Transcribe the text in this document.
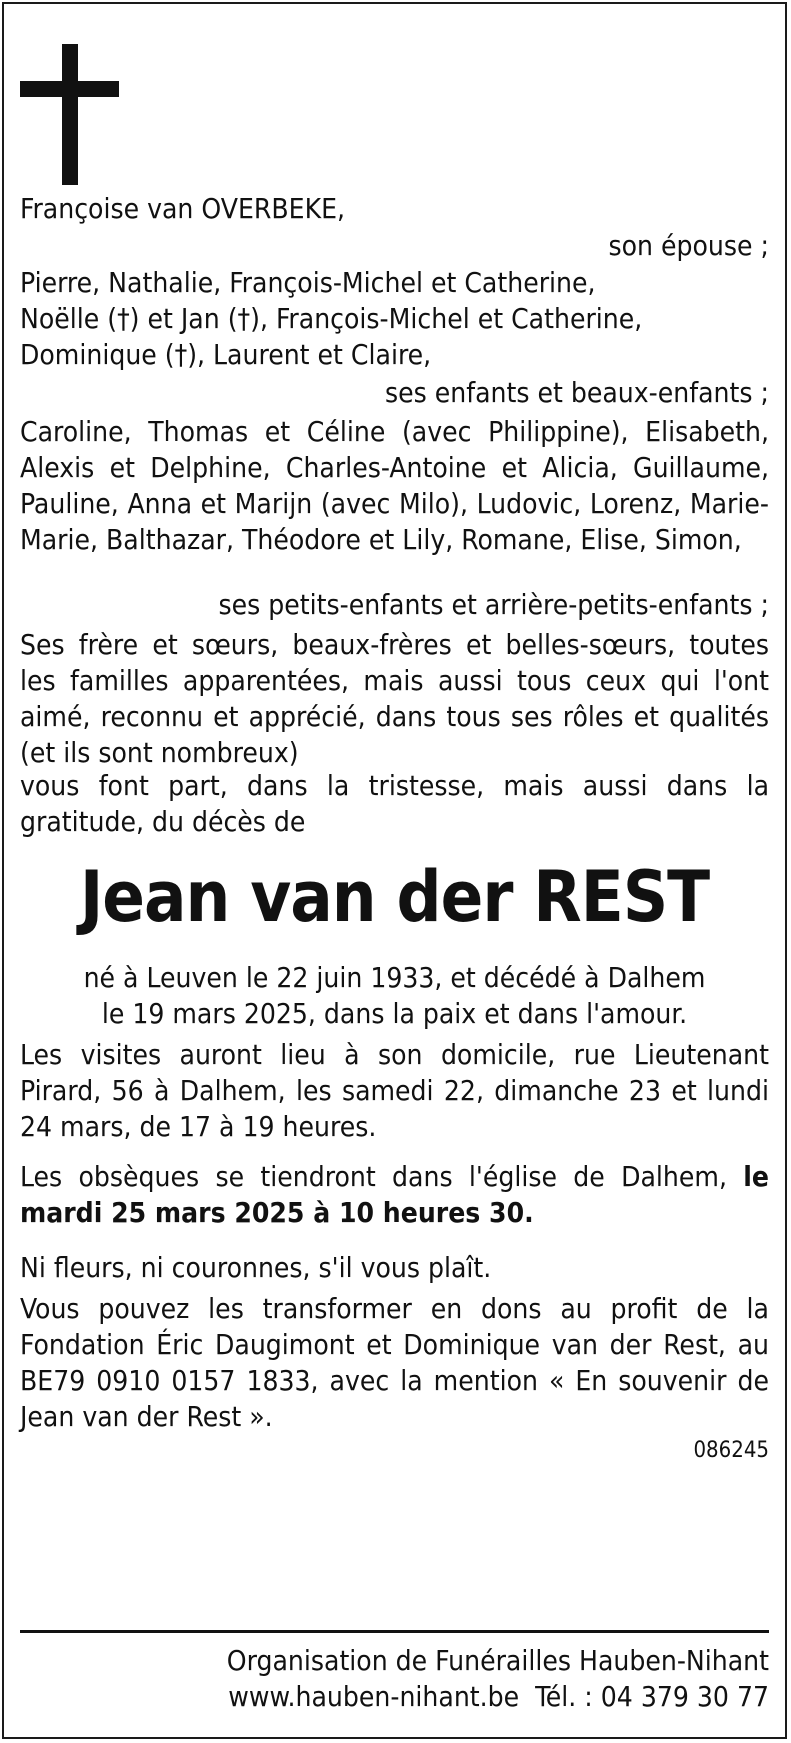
Françoise van OVERBEKE,

son épouse ;

Pierre, Nathalie, François-Michel et Catherine,

Noëlle (†) et Jan (†), François-Michel et Catherine,

Dominique (†), Laurent et Claire,

ses enfants et beaux-enfants ;

Caroline, Thomas et Céline (avec Philippine), Elisabeth, Alexis et Delphine, Charles-Antoine et Alicia, Guillaume, Pauline, Anna et Marijn (avec Milo), Ludovic, Lorenz, Marie-Marie, Balthazar, Théodore et Lily, Romane, Elise, Simon,

ses petits-enfants et arrière-petits-enfants ;

Ses frère et sœurs, beaux-frères et belles-sœurs, toutes les familles apparentées, mais aussi tous ceux qui l'ont aimé, reconnu et apprécié, dans tous ses rôles et qualités (et ils sont nombreux)

vous font part, dans la tristesse, mais aussi dans la gratitude, du décès de

Jean van der REST

né à Leuven le 22 juin 1933, et décédé à Dalhem

le 19 mars 2025, dans la paix et dans l'amour.

Les visites auront lieu à son domicile, rue Lieutenant Pirard, 56 à Dalhem, les samedi 22, dimanche 23 et lundi 24 mars, de 17 à 19 heures.

Les obsèques se tiendront dans l'église de Dalhem, le mardi 25 mars 2025 à 10 heures 30.

Ni fleurs, ni couronnes, s'il vous plaît.

Vous pouvez les transformer en dons au profit de la Fondation Éric Daugimont et Dominique van der Rest, au BE79 0910 0157 1833, avec la mention « En souvenir de Jean van der Rest ».

086245

Organisation de Funérailles Hauben-Nihant

www.hauben-nihant.be Tél. : 04 379 30 77
